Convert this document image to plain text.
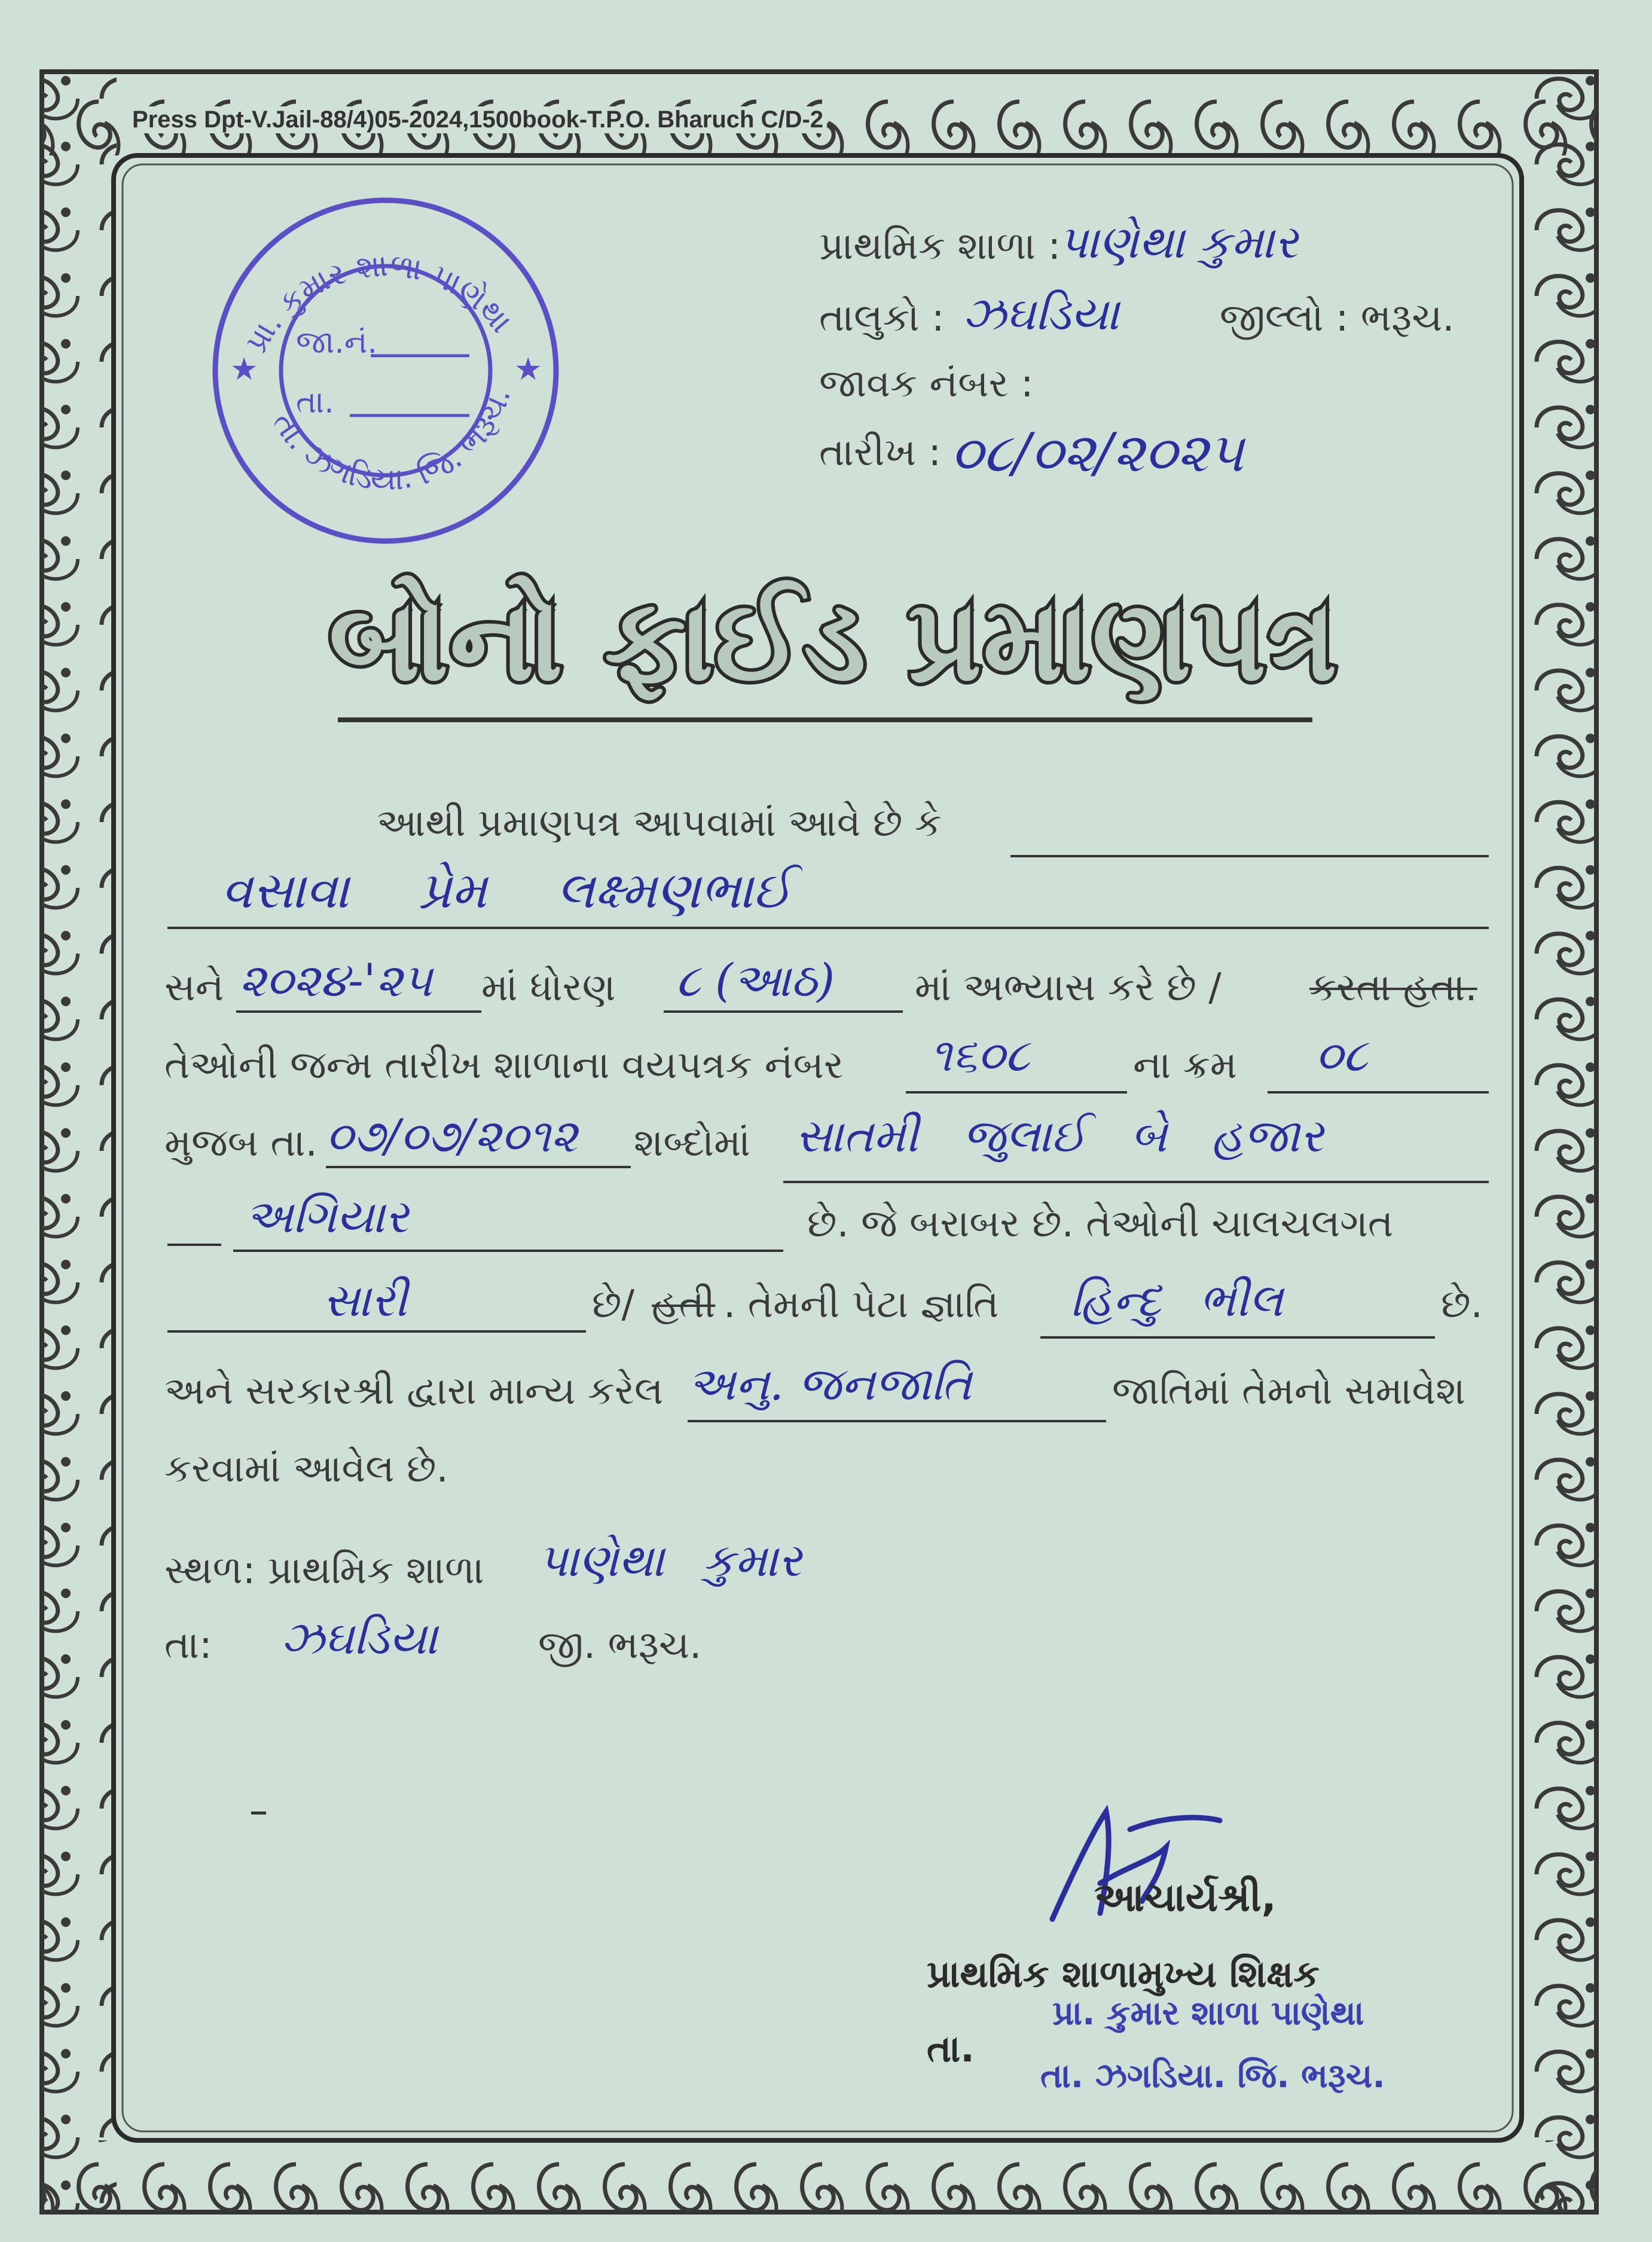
Press Dpt-V.Jail-88/4)05-2024,1500book-T.P.O. Bharuch C/D-2
પ્રા. કુમાર શાળા પાણેથા
તા. ઝગડિયા. જિ. ભરૂચ.
★	★
જા.નં.
તા.
પ્રાથમિક શાળા :
પાણેથા કુમાર
તાલુકો : ઝઘડિયા	જીલ્લો : ભરૂચ.
જાવક નંબર :
તારીખ : ૦૮/૦૨/૨૦૨૫
બોનો ફાઈડ પ્રમાણપત્ર
આથી પ્રમાણપત્ર આપવામાં આવે છે કે
વસાવા પ્રેમ લક્ષ્મણભાઈ
સને ૨૦૨૪-'૨૫ માં ધોરણ ૮ (આઠ) માં અભ્યાસ કરે છે / કરતા હતા.
તેઓની જન્મ તારીખ શાળાના વયપત્રક નંબર ૧૬૦૮	ના ક્રમ ૦૮
મુજબ તા. ૦૭/૦૭/૨૦૧૨ શબ્દોમાં સાતમી જુલાઈ બે હજાર
અગિયાર	છે. જે બરાબર છે. તેઓની ચાલચલગત
સારી	છે/ હતી . તેમની પેટા જ્ઞાતિ હિન્દુ ભીલ	છે.
અને સરકારશ્રી દ્વારા માન્ય કરેલ અનુ. જનજાતિ	જાતિમાં તેમનો સમાવેશ
કરવામાં આવેલ છે.
સ્થળ: પ્રાથમિક શાળા પાણેથા કુમાર
તા: ઝઘડિયા	જી. ભરૂચ.
આચાર્યશ્રી,
પ્રાથમિક શાળામુખ્ય શિક્ષક
તા.
પ્રા. કુમાર શાળા પાણેથા
તા. ઝગડિયા. જિ. ભરૂચ.
